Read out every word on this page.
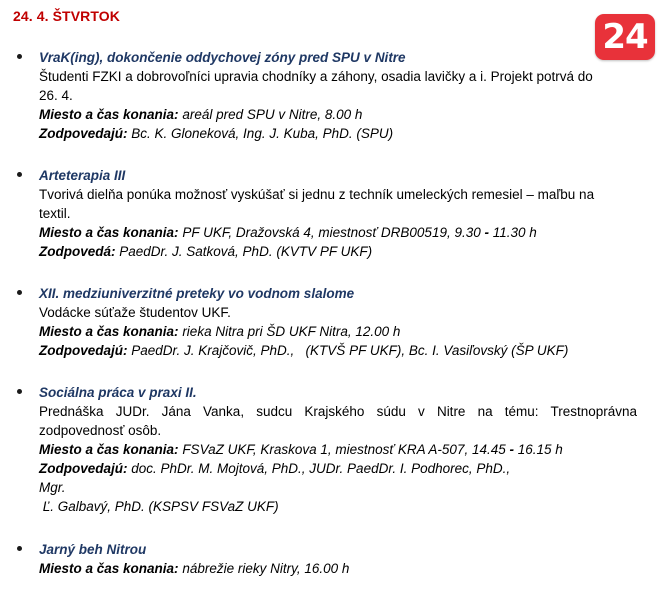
24. 4. ŠTVRTOK
24
VraK(ing), dokončenie oddychovej zóny pred SPU v Nitre
Študenti FZKI a dobrovoľníci upravia chodníky a záhony, osadia lavičky a i. Projekt potrvá do
26. 4.
Miesto a čas konania: areál pred SPU v Nitre, 8.00 h
Zodpovedajú: Bc. K. Gloneková, Ing. J. Kuba, PhD. (SPU)
Arteterapia III
Tvorivá dielňa ponúka možnosť vyskúšať si jednu z techník umeleckých remesiel – maľbu na
textil.
Miesto a čas konania: PF UKF, Dražovská 4, miestnosť DRB00519, 9.30 - 11.30 h
Zodpovedá: PaedDr. J. Satková, PhD. (KVTV PF UKF)
XII. medziuniverzitné preteky vo vodnom slalome
Vodácke súťaže študentov UKF.
Miesto a čas konania: rieka Nitra pri ŠD UKF Nitra, 12.00 h
Zodpovedajú: PaedDr. J. Krajčovič, PhD.,   (KTVŠ PF UKF), Bc. I. Vasiľovský (ŠP UKF)
Sociálna práca v praxi II.
Prednáška JUDr. Jána Vanka, sudcu Krajského súdu v Nitre na tému: Trestnoprávna
zodpovednosť osôb.
Miesto a čas konania: FSVaZ UKF, Kraskova 1, miestnosť KRA A-507, 14.45 - 16.15 h
Zodpovedajú: doc. PhDr. M. Mojtová, PhD., JUDr. PaedDr. I. Podhorec, PhD.,
Mgr.
Ľ. Galbavý, PhD. (KSPSV FSVaZ UKF)
Jarný beh Nitrou
Miesto a čas konania: nábrežie rieky Nitry, 16.00 h
